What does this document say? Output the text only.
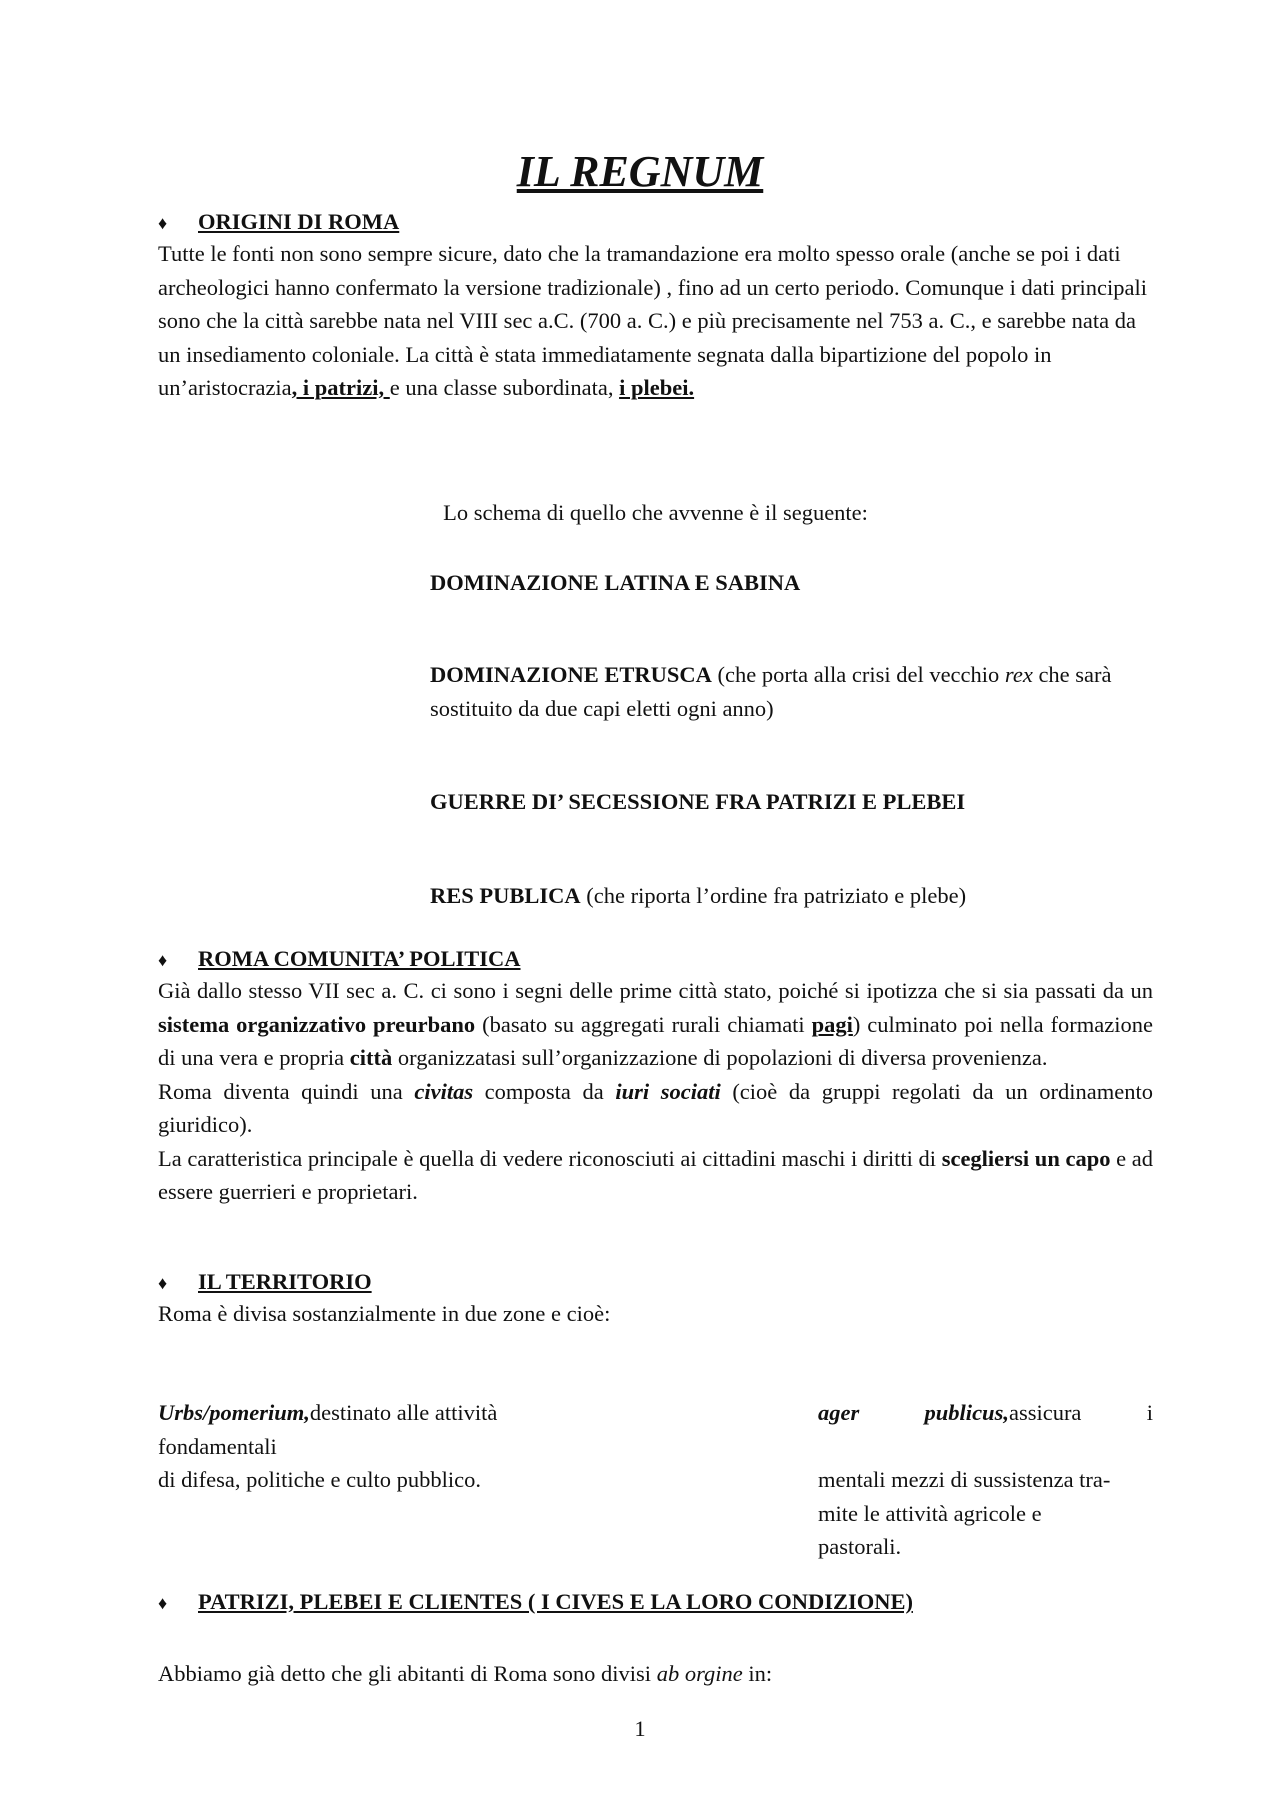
IL REGNUM
♦	ORIGINI DI ROMA
Tutte le fonti non sono sempre sicure, dato che la tramandazione era molto spesso orale (anche se poi i dati archeologici hanno confermato la versione tradizionale) , fino ad un certo periodo. Comunque i dati principali sono che la città sarebbe nata nel VIII sec a.C. (700 a. C.) e più precisamente nel 753 a. C., e sarebbe nata da un insediamento coloniale. La città è stata immediatamente segnata dalla bipartizione del popolo in un’aristocrazia, i patrizi, e una classe subordinata, i plebei.
Lo schema di quello che avvenne è il seguente:
DOMINAZIONE LATINA E SABINA
DOMINAZIONE ETRUSCA (che porta alla crisi del vecchio rex che sarà sostituito da due capi eletti ogni anno)
GUERRE DI’ SECESSIONE FRA PATRIZI E PLEBEI
RES PUBLICA (che riporta l’ordine fra patriziato e plebe)
♦	ROMA COMUNITA’ POLITICA
Già dallo stesso VII sec a. C. ci sono i segni delle prime città stato, poiché si ipotizza che si sia passati da un sistema organizzativo preurbano (basato su aggregati rurali chiamati pagi) culminato poi nella formazione di una vera e propria città organizzatasi sull’organizzazione di popolazioni di diversa provenienza.
Roma diventa quindi una civitas composta da iuri sociati (cioè da gruppi regolati da un ordinamento giuridico).
La caratteristica principale è quella di vedere riconosciuti ai cittadini maschi i diritti di scegliersi un capo e ad essere guerrieri e proprietari.
♦	IL TERRITORIO
Roma è divisa sostanzialmente in due zone e cioè:
Urbs/pomerium,destinato alle attività
fondamentali
di difesa, politiche e culto pubblico.
ager	publicus,assicura	i
mentali mezzi di sussistenza tra-
mite le attività agricole e
pastorali.
♦	PATRIZI, PLEBEI E CLIENTES ( I CIVES E LA LORO CONDIZIONE)
Abbiamo già detto che gli abitanti di Roma sono divisi ab orgine in:
1
